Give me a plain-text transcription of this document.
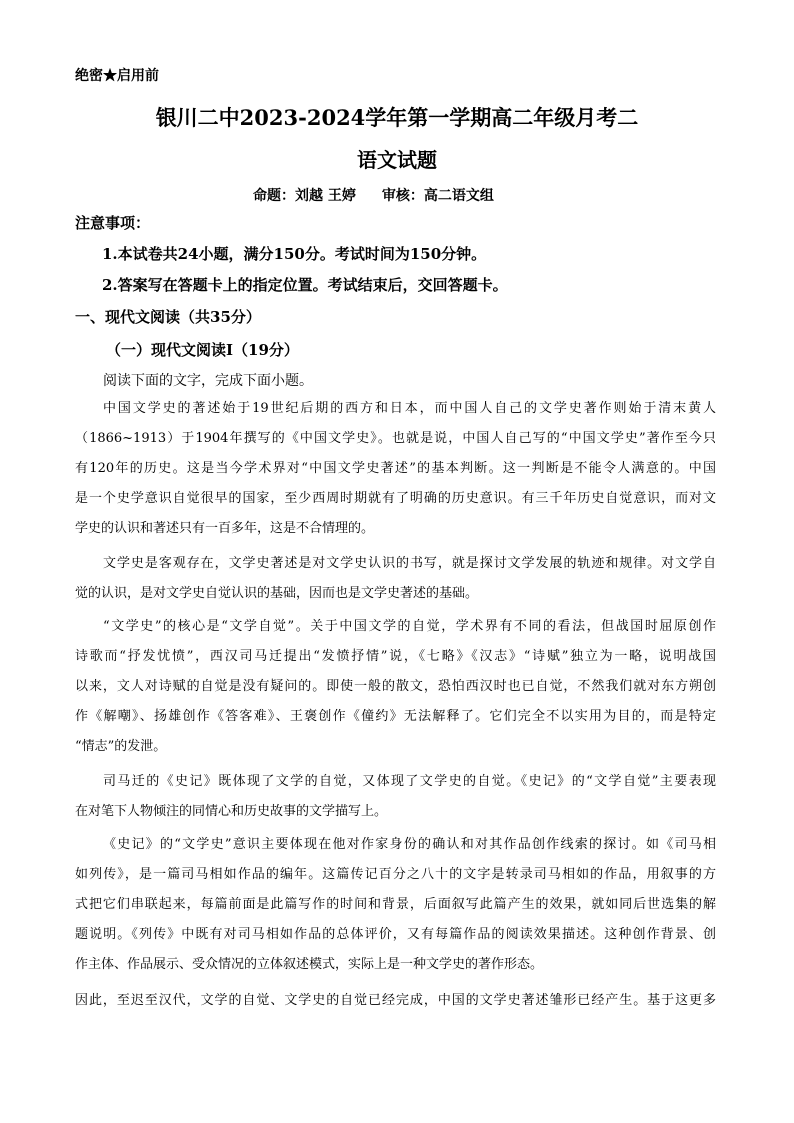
绝密★启用前
银川二中2023-2024学年第一学期高二年级月考二
语文试题
命题：刘越 王婷 审核：高二语文组
注意事项：
1.本试卷共24小题，满分150分。考试时间为150分钟。
2.答案写在答题卡上的指定位置。考试结束后，交回答题卡。
一、现代文阅读（共35分）
（一）现代文阅读Ⅰ（19分）
阅读下面的文字，完成下面小题。
中国文学史的著述始于19世纪后期的西方和日本，而中国人自己的文学史著作则始于清末黄人
（1866~1913）于1904年撰写的《中国文学史》。也就是说，中国人自己写的“中国文学史”著作至今只
有120年的历史。这是当今学术界对“中国文学史著述”的基本判断。这一判断是不能令人满意的。中国
是一个史学意识自觉很早的国家，至少西周时期就有了明确的历史意识。有三千年历史自觉意识，而对文
学史的认识和著述只有一百多年，这是不合情理的。
文学史是客观存在，文学史著述是对文学史认识的书写，就是探讨文学发展的轨迹和规律。对文学自
觉的认识，是对文学史自觉认识的基础，因而也是文学史著述的基础。
“文学史”的核心是“文学自觉”。关于中国文学的自觉，学术界有不同的看法，但战国时屈原创作
诗歌而“抒发忧愤”，西汉司马迁提出“发愤抒情”说，《七略》《汉志》“诗赋”独立为一略，说明战国
以来，文人对诗赋的自觉是没有疑问的。即使一般的散文，恐怕西汉时也已自觉，不然我们就对东方朔创
作《解嘲》、扬雄创作《答客难》、王褒创作《僮约》无法解释了。它们完全不以实用为目的，而是特定
“情志”的发泄。
司马迁的《史记》既体现了文学的自觉，又体现了文学史的自觉。《史记》的“文学自觉”主要表现
在对笔下人物倾注的同情心和历史故事的文学描写上。
《史记》的“文学史”意识主要体现在他对作家身份的确认和对其作品创作线索的探讨。如《司马相
如列传》，是一篇司马相如作品的编年。这篇传记百分之八十的文字是转录司马相如的作品，用叙事的方
式把它们串联起来，每篇前面是此篇写作的时间和背景，后面叙写此篇产生的效果，就如同后世选集的解
题说明。《列传》中既有对司马相如作品的总体评价，又有每篇作品的阅读效果描述。这种创作背景、创
作主体、作品展示、受众情况的立体叙述模式，实际上是一种文学史的著作形态。
因此，至迟至汉代，文学的自觉、文学史的自觉已经完成，中国的文学史著述雏形已经产生。基于这更多
